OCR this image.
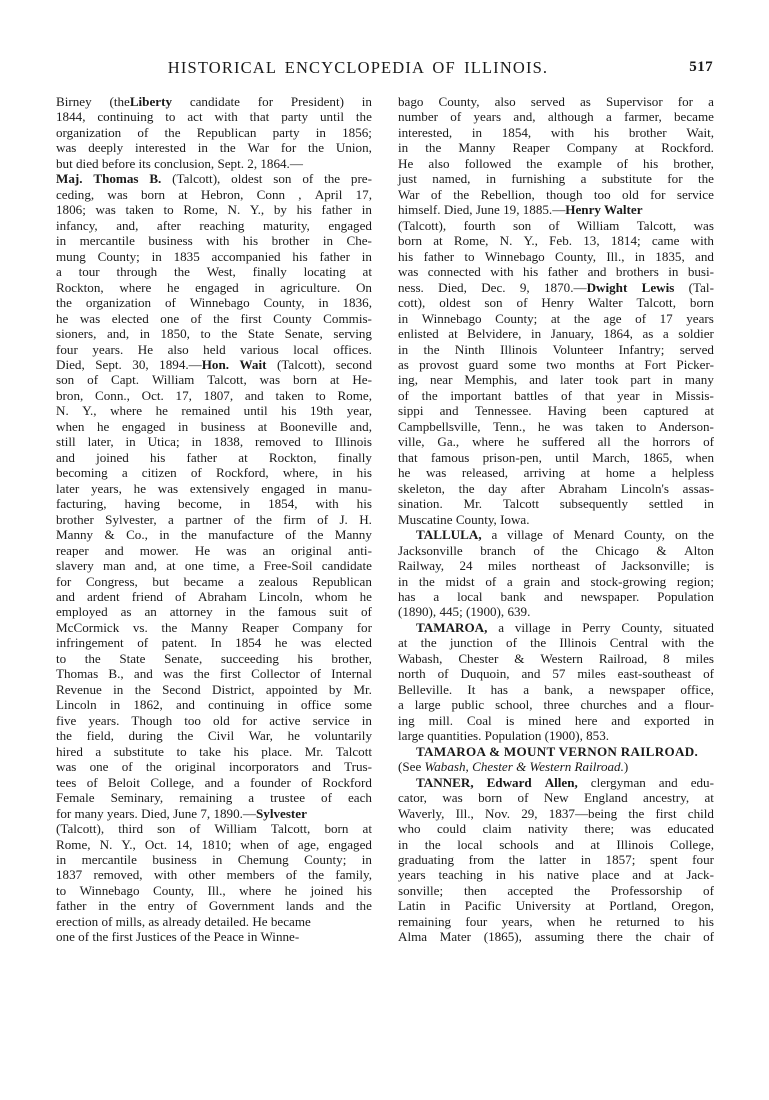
HISTORICAL ENCYCLOPEDIA OF ILLINOIS.	517
Birney (theLiberty candidate for President) in
1844, continuing to act with that party until the
organization of the Republican party in 1856;
was deeply interested in the War for the Union,
but died before its conclusion, Sept. 2, 1864.—
Maj. Thomas B. (Talcott), oldest son of the pre-
ceding, was born at Hebron, Conn , April 17,
1806; was taken to Rome, N. Y., by his father in
infancy, and, after reaching maturity, engaged
in mercantile business with his brother in Che-
mung County; in 1835 accompanied his father in
a tour through the West, finally locating at
Rockton, where he engaged in agriculture. On
the organization of Winnebago County, in 1836,
he was elected one of the first County Commis-
sioners, and, in 1850, to the State Senate, serving
four years. He also held various local offices.
Died, Sept. 30, 1894.—Hon. Wait (Talcott), second
son of Capt. William Talcott, was born at He-
bron, Conn., Oct. 17, 1807, and taken to Rome,
N. Y., where he remained until his 19th year,
when he engaged in business at Booneville and,
still later, in Utica; in 1838, removed to Illinois
and joined his father at Rockton, finally
becoming a citizen of Rockford, where, in his
later years, he was extensively engaged in manu-
facturing, having become, in 1854, with his
brother Sylvester, a partner of the firm of J. H.
Manny & Co., in the manufacture of the Manny
reaper and mower. He was an original anti-
slavery man and, at one time, a Free-Soil candidate
for Congress, but became a zealous Republican
and ardent friend of Abraham Lincoln, whom he
employed as an attorney in the famous suit of
McCormick vs. the Manny Reaper Company for
infringement of patent. In 1854 he was elected
to the State Senate, succeeding his brother,
Thomas B., and was the first Collector of Internal
Revenue in the Second District, appointed by Mr.
Lincoln in 1862, and continuing in office some
five years. Though too old for active service in
the field, during the Civil War, he voluntarily
hired a substitute to take his place. Mr. Talcott
was one of the original incorporators and Trus-
tees of Beloit College, and a founder of Rockford
Female Seminary, remaining a trustee of each
for many years. Died, June 7, 1890.—Sylvester
(Talcott), third son of William Talcott, born at
Rome, N. Y., Oct. 14, 1810; when of age, engaged
in mercantile business in Chemung County; in
1837 removed, with other members of the family,
to Winnebago County, Ill., where he joined his
father in the entry of Government lands and the
erection of mills, as already detailed. He became
one of the first Justices of the Peace in Winne-
bago County, also served as Supervisor for a
number of years and, although a farmer, became
interested, in 1854, with his brother Wait,
in the Manny Reaper Company at Rockford.
He also followed the example of his brother,
just named, in furnishing a substitute for the
War of the Rebellion, though too old for service
himself. Died, June 19, 1885.—Henry Walter
(Talcott), fourth son of William Talcott, was
born at Rome, N. Y., Feb. 13, 1814; came with
his father to Winnebago County, Ill., in 1835, and
was connected with his father and brothers in busi-
ness. Died, Dec. 9, 1870.—Dwight Lewis (Tal-
cott), oldest son of Henry Walter Talcott, born
in Winnebago County; at the age of 17 years
enlisted at Belvidere, in January, 1864, as a soldier
in the Ninth Illinois Volunteer Infantry; served
as provost guard some two months at Fort Picker-
ing, near Memphis, and later took part in many
of the important battles of that year in Missis-
sippi and Tennessee. Having been captured at
Campbellsville, Tenn., he was taken to Anderson-
ville, Ga., where he suffered all the horrors of
that famous prison-pen, until March, 1865, when
he was released, arriving at home a helpless
skeleton, the day after Abraham Lincoln's assas-
sination. Mr. Talcott subsequently settled in
Muscatine County, Iowa.
TALLULA, a village of Menard County, on the
Jacksonville branch of the Chicago & Alton
Railway, 24 miles northeast of Jacksonville; is
in the midst of a grain and stock-growing region;
has a local bank and newspaper. Population
(1890), 445; (1900), 639.
TAMAROA, a village in Perry County, situated
at the junction of the Illinois Central with the
Wabash, Chester & Western Railroad, 8 miles
north of Duquoin, and 57 miles east-southeast of
Belleville. It has a bank, a newspaper office,
a large public school, three churches and a flour-
ing mill. Coal is mined here and exported in
large quantities. Population (1900), 853.
TAMAROA & MOUNT VERNON RAILROAD.
(See Wabash, Chester & Western Railroad.)
TANNER, Edward Allen, clergyman and edu-
cator, was born of New England ancestry, at
Waverly, Ill., Nov. 29, 1837—being the first child
who could claim nativity there; was educated
in the local schools and at Illinois College,
graduating from the latter in 1857; spent four
years teaching in his native place and at Jack-
sonville; then accepted the Professorship of
Latin in Pacific University at Portland, Oregon,
remaining four years, when he returned to his
Alma Mater (1865), assuming there the chair of
